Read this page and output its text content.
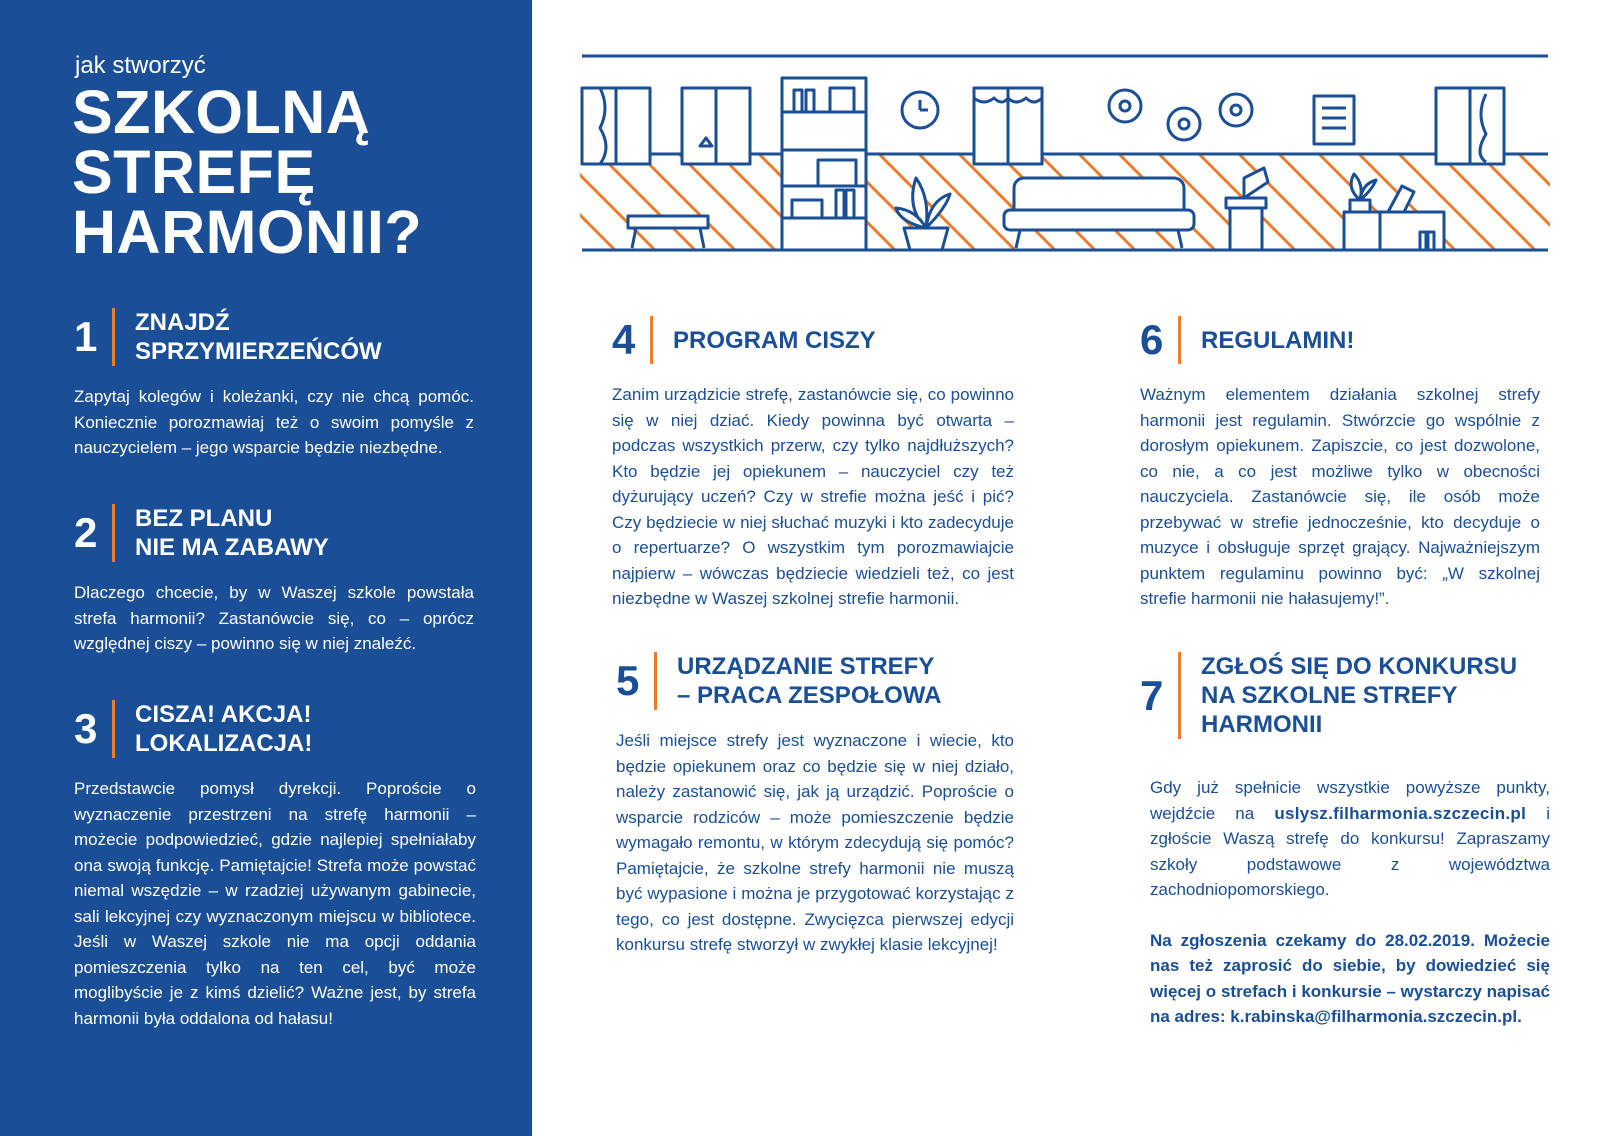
jak stworzyć
SZKOLNĄ
STREFĘ
HARMONII?
1	ZNAJDŹ
SPRZYMIERZEŃCÓW

Zapytaj kolegów i koleżanki, czy nie chcą pomóc. Koniecznie porozmawiaj też o swoim pomyśle z nauczycielem – jego wsparcie będzie niezbędne.

2	BEZ PLANU
NIE MA ZABAWY

Dlaczego chcecie, by w Waszej szkole powstała strefa harmonii? Zastanówcie się, co – oprócz względnej ciszy – powinno się w niej znaleźć.

3	CISZA! AKCJA!
LOKALIZACJA!

Przedstawcie pomysł dyrekcji. Poproście o wyznaczenie przestrzeni na strefę harmonii – możecie podpowiedzieć, gdzie najlepiej spełniałaby ona swoją funkcję. Pamiętajcie! Strefa może powstać niemal wszędzie – w rzadziej używanym gabinecie, sali lekcyjnej czy wyznaczonym miejscu w bibliotece. Jeśli w Waszej szkole nie ma opcji oddania pomieszczenia tylko na ten cel, być może moglibyście je z kimś dzielić? Ważne jest, by strefa harmonii była oddalona od hałasu!

4	PROGRAM CISZY

Zanim urządzicie strefę, zastanówcie się, co powinno się w niej dziać. Kiedy powinna być otwarta – podczas wszystkich przerw, czy tylko najdłuższych? Kto będzie jej opiekunem – nauczyciel czy też dyżurujący uczeń? Czy w strefie można jeść i pić? Czy będziecie w niej słuchać muzyki i kto zadecyduje o repertuarze? O wszystkim tym porozmawiajcie najpierw – wówczas będziecie wiedzieli też, co jest niezbędne w Waszej szkolnej strefie harmonii.

5	URZĄDZANIE STREFY
– PRACA ZESPOŁOWA

Jeśli miejsce strefy jest wyznaczone i wiecie, kto będzie opiekunem oraz co będzie się w niej działo, należy zastanowić się, jak ją urządzić. Poproście o wsparcie rodziców – może pomieszczenie będzie wymagało remontu, w którym zdecydują się pomóc? Pamiętajcie, że szkolne strefy harmonii nie muszą być wypasione i można je przygotować korzystając z tego, co jest dostępne. Zwycięzca pierwszej edycji konkursu strefę stworzył w zwykłej klasie lekcyjnej!

6	REGULAMIN!

Ważnym elementem działania szkolnej strefy harmonii jest regulamin. Stwórzcie go wspólnie z dorosłym opiekunem. Zapiszcie, co jest dozwolone, co nie, a co jest możliwe tylko w obecności nauczyciela. Zastanówcie się, ile osób może przebywać w strefie jednocześnie, kto decyduje o muzyce i obsługuje sprzęt grający. Najważniejszym punktem regulaminu powinno być: „W szkolnej strefie harmonii nie hałasujemy!”.

7
ZGŁOŚ SIĘ DO KONKURSU
NA SZKOLNE STREFY
HARMONII

Gdy już spełnicie wszystkie powyższe punkty, wejdźcie na uslysz.filharmonia.szczecin.pl i zgłoście Waszą strefę do konkursu! Zapraszamy szkoły podstawowe z województwa zachodniopomorskiego.

Na zgłoszenia czekamy do 28.02.2019. Możecie nas też zaprosić do siebie, by dowiedzieć się więcej o strefach i konkursie – wystarczy napisać na adres: k.rabinska@filharmonia.szczecin.pl.
